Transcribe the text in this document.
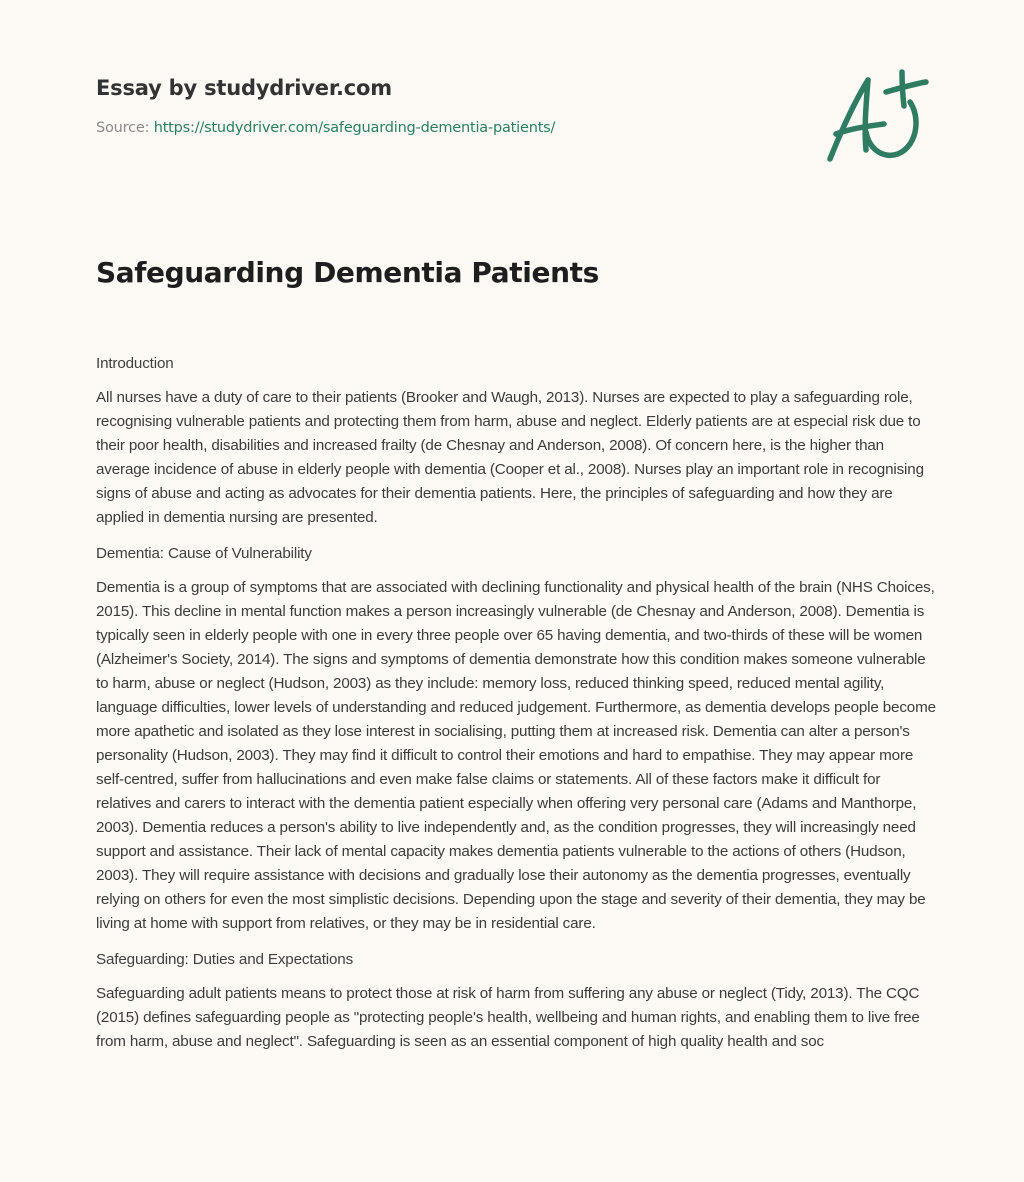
Essay by studydriver.com
Source: https://studydriver.com/safeguarding-dementia-patients/
Safeguarding Dementia Patients
Introduction

All nurses have a duty of care to their patients (Brooker and Waugh, 2013). Nurses are expected to play a safeguarding role, recognising vulnerable patients and protecting them from harm, abuse and neglect. Elderly patients are at especial risk due to their poor health, disabilities and increased frailty (de Chesnay and Anderson, 2008). Of concern here, is the higher than average incidence of abuse in elderly people with dementia (Cooper et al., 2008). Nurses play an important role in recognising signs of abuse and acting as advocates for their dementia patients. Here, the principles of safeguarding and how they are applied in dementia nursing are presented.

Dementia: Cause of Vulnerability

Dementia is a group of symptoms that are associated with declining functionality and physical health of the brain (NHS Choices, 2015). This decline in mental function makes a person increasingly vulnerable (de Chesnay and Anderson, 2008). Dementia is typically seen in elderly people with one in every three people over 65 having dementia, and two-thirds of these will be women (Alzheimer's Society, 2014). The signs and symptoms of dementia demonstrate how this condition makes someone vulnerable to harm, abuse or neglect (Hudson, 2003) as they include: memory loss, reduced thinking speed, reduced mental agility, language difficulties, lower levels of understanding and reduced judgement. Furthermore, as dementia develops people become more apathetic and isolated as they lose interest in socialising, putting them at increased risk. Dementia can alter a person's personality (Hudson, 2003). They may find it difficult to control their emotions and hard to empathise. They may appear more self-centred, suffer from hallucinations and even make false claims or statements. All of these factors make it difficult for relatives and carers to interact with the dementia patient especially when offering very personal care (Adams and Manthorpe, 2003). Dementia reduces a person's ability to live independently and, as the condition progresses, they will increasingly need support and assistance. Their lack of mental capacity makes dementia patients vulnerable to the actions of others (Hudson, 2003). They will require assistance with decisions and gradually lose their autonomy as the dementia progresses, eventually relying on others for even the most simplistic decisions. Depending upon the stage and severity of their dementia, they may be living at home with support from relatives, or they may be in residential care.

Safeguarding: Duties and Expectations

Safeguarding adult patients means to protect those at risk of harm from suffering any abuse or neglect (Tidy, 2013). The CQC (2015) defines safeguarding people as "protecting people's health, wellbeing and human rights, and enabling them to live free from harm, abuse and neglect". Safeguarding is seen as an essential component of high quality health and soc
